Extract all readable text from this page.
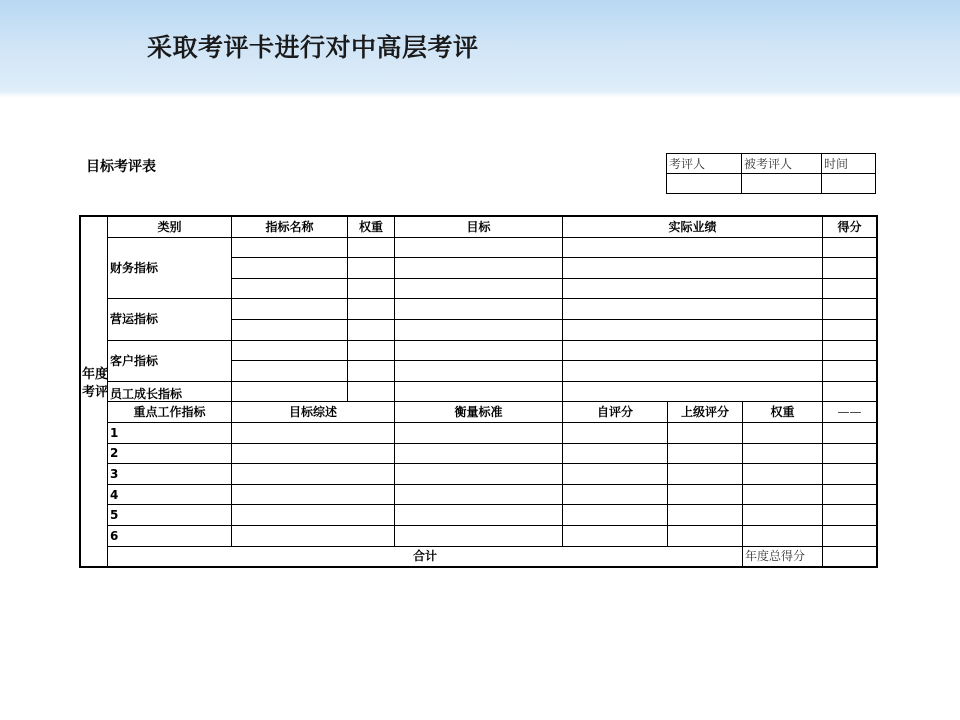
采取考评卡进行对中高层考评
目标考评表	考评人	被考评人	时间

	类别	指标名称	权重	目标	实际业绩			得分
	财务指标							

	营运指标							

	客户指标							

	员工成长指标							
	重点工作指标	目标综述		衡量标准	自评分	上级评分	权重	——
	1							
	2							
	3							
	4							
	5							
	6							
	合计						年度总得分	
年度考评
